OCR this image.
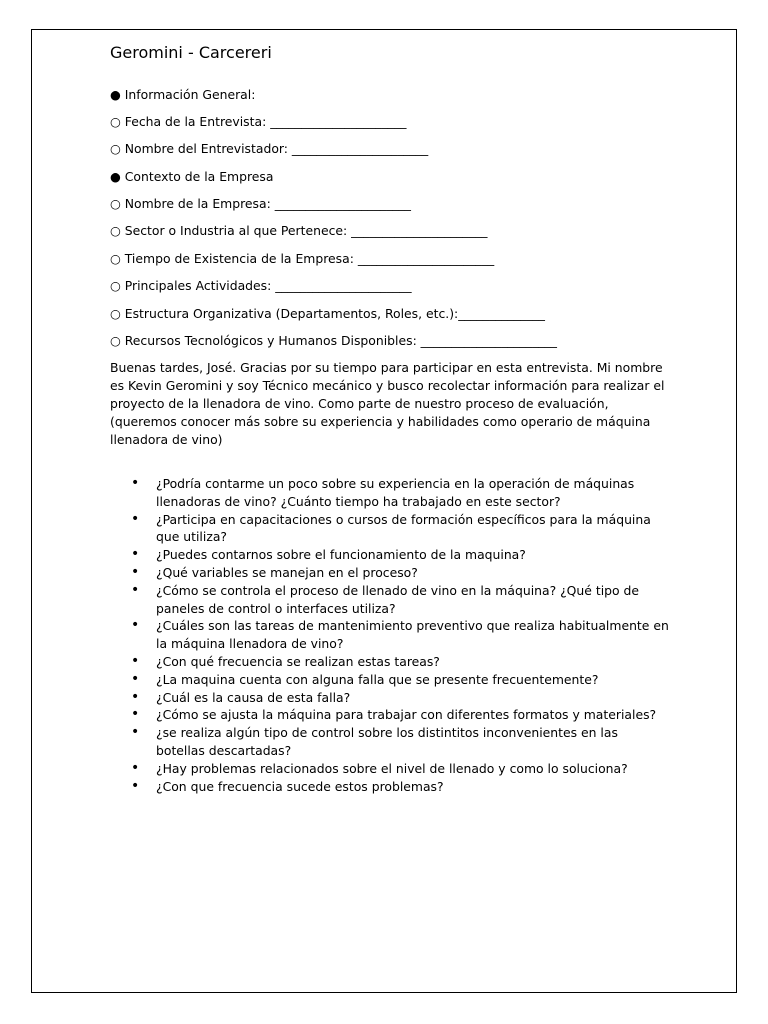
Geromini - Carcereri
● Información General:
○ Fecha de la Entrevista: ______________________
○ Nombre del Entrevistador: ______________________
● Contexto de la Empresa
○ Nombre de la Empresa: ______________________
○ Sector o Industria al que Pertenece: ______________________
○ Tiempo de Existencia de la Empresa: ______________________
○ Principales Actividades: ______________________
○ Estructura Organizativa (Departamentos, Roles, etc.):______________
○ Recursos Tecnológicos y Humanos Disponibles: ______________________

Buenas tardes, José. Gracias por su tiempo para participar en esta entrevista. Mi nombre es Kevin Geromini y soy Técnico mecánico y busco recolectar información para realizar el proyecto de la llenadora de vino. Como parte de nuestro proceso de evaluación, (queremos conocer más sobre su experiencia y habilidades como operario de máquina llenadora de vino)

• ¿Podría contarme un poco sobre su experiencia en la operación de máquinas llenadoras de vino? ¿Cuánto tiempo ha trabajado en este sector?
• ¿Participa en capacitaciones o cursos de formación específicos para la máquina que utiliza?
• ¿Puedes contarnos sobre el funcionamiento de la maquina?
• ¿Qué variables se manejan en el proceso?
• ¿Cómo se controla el proceso de llenado de vino en la máquina? ¿Qué tipo de paneles de control o interfaces utiliza?
• ¿Cuáles son las tareas de mantenimiento preventivo que realiza habitualmente en la máquina llenadora de vino?
• ¿Con qué frecuencia se realizan estas tareas?
• ¿La maquina cuenta con alguna falla que se presente frecuentemente?
• ¿Cuál es la causa de esta falla?
• ¿Cómo se ajusta la máquina para trabajar con diferentes formatos y materiales?
• ¿se realiza algún tipo de control sobre los distintitos inconvenientes en las botellas descartadas?
• ¿Hay problemas relacionados sobre el nivel de llenado y como lo soluciona?
• ¿Con que frecuencia sucede estos problemas?
